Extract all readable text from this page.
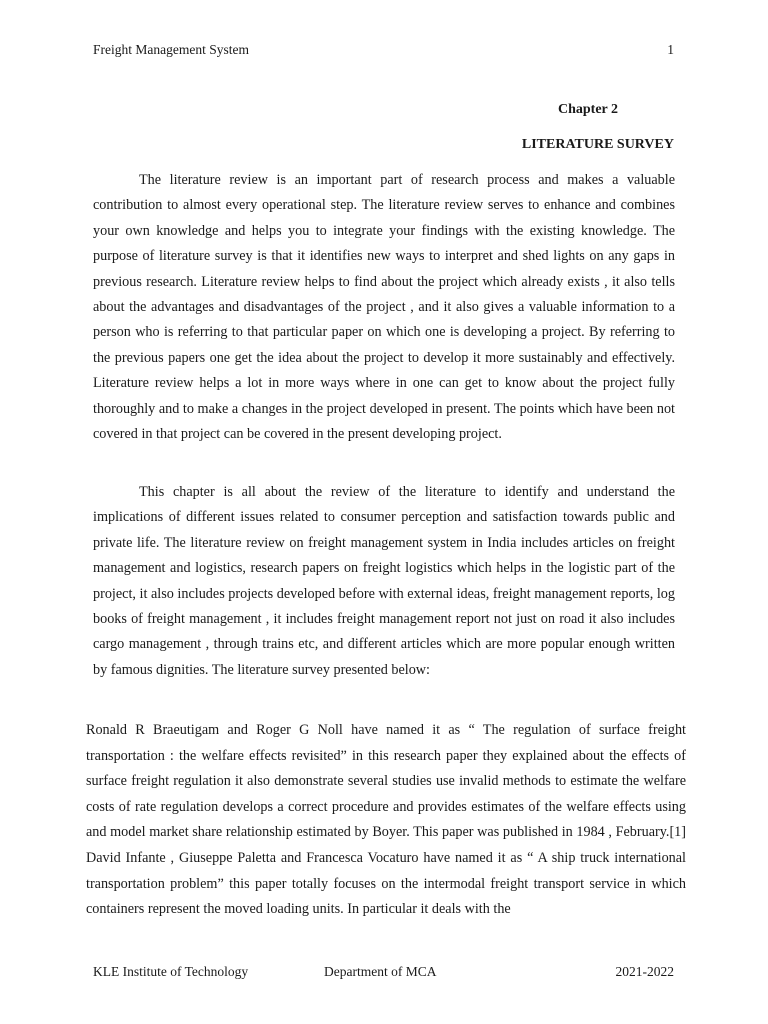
Freight Management System	1
Chapter 2
LITERATURE SURVEY

The literature review is an important part of research process and makes a valuable contribution to almost every operational step. The literature review serves to enhance and combines your own knowledge and helps you to integrate your findings with the existing knowledge. The purpose of literature survey is that it identifies new ways to interpret and shed lights on any gaps in previous research. Literature review helps to find about the project which already exists , it also tells about the advantages and disadvantages of the project , and it also gives a valuable information to a person who is referring to that particular paper on which one is developing a project. By referring to the previous papers one get the idea about the project to develop it more sustainably and effectively. Literature review helps a lot in more ways where in one can get to know about the project fully thoroughly and to make a changes in the project developed in present. The points which have been not covered in that project can be covered in the present developing project.

This chapter is all about the review of the literature to identify and understand the implications of different issues related to consumer perception and satisfaction towards public and private life. The literature review on freight management system in India includes articles on freight management and logistics, research papers on freight logistics which helps in the logistic part of the project, it also includes projects developed before with external ideas, freight management reports, log books of freight management , it includes freight management report not just on road it also includes cargo management , through trains etc, and different articles which are more popular enough written by famous dignities. The literature survey presented below:

Ronald R Braeutigam and Roger G Noll have named it as “ The regulation of surface freight transportation : the welfare effects revisited” in this research paper they explained about the effects of surface freight regulation it also demonstrate several studies use invalid methods to estimate the welfare costs of rate regulation develops a correct procedure and provides estimates of the welfare effects using and model market share relationship estimated by Boyer. This paper was published in 1984 , February.[1] David Infante , Giuseppe Paletta and Francesca Vocaturo have named it as “ A ship truck international transportation problem” this paper totally focuses on the intermodal freight transport service in which containers represent the moved loading units. In particular it deals with the

KLE Institute of Technology	Department of MCA	2021-2022
